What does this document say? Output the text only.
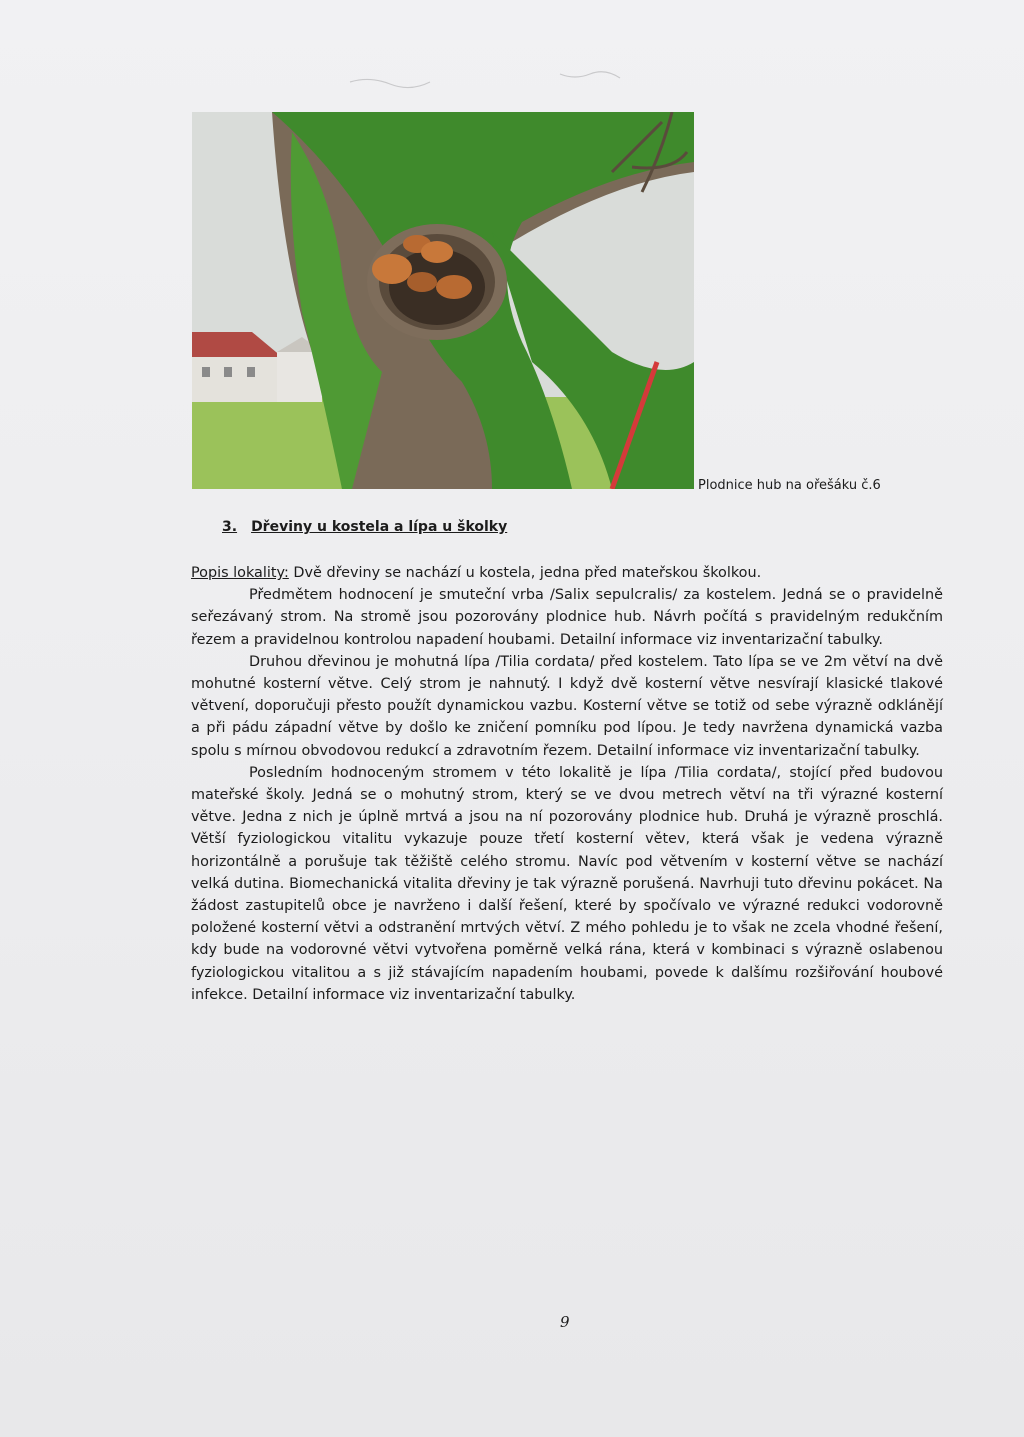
Plodnice hub na ořešáku č.6
3. Dřeviny u kostela a lípa u školky

Popis lokality: Dvě dřeviny se nachází u kostela, jedna před mateřskou školkou.

Předmětem hodnocení je smuteční vrba /Salix sepulcralis/ za kostelem. Jedná se o pravidelně seřezávaný strom. Na stromě jsou pozorovány plodnice hub. Návrh počítá s pravidelným redukčním řezem a pravidelnou kontrolou napadení houbami. Detailní informace viz inventarizační tabulky.

Druhou dřevinou je mohutná lípa /Tilia cordata/ před kostelem. Tato lípa se ve 2m větví na dvě mohutné kosterní větve. Celý strom je nahnutý. I když dvě kosterní větve nesvírají klasické tlakové větvení, doporučuji přesto použít dynamickou vazbu. Kosterní větve se totiž od sebe výrazně odklánějí a při pádu západní větve by došlo ke zničení pomníku pod lípou. Je tedy navržena dynamická vazba spolu s mírnou obvodovou redukcí a zdravotním řezem. Detailní informace viz inventarizační tabulky.

Posledním hodnoceným stromem v této lokalitě je lípa /Tilia cordata/, stojící před budovou mateřské školy. Jedná se o mohutný strom, který se ve dvou metrech větví na tři výrazné kosterní větve. Jedna z nich je úplně mrtvá a jsou na ní pozorovány plodnice hub. Druhá je výrazně proschlá. Větší fyziologickou vitalitu vykazuje pouze třetí kosterní větev, která však je vedena výrazně horizontálně a porušuje tak těžiště celého stromu. Navíc pod větvením v kosterní větve se nachází velká dutina. Biomechanická vitalita dřeviny je tak výrazně porušená. Navrhuji tuto dřevinu pokácet. Na žádost zastupitelů obce je navrženo i další řešení, které by spočívalo ve výrazné redukci vodorovně položené kosterní větvi a odstranění mrtvých větví. Z mého pohledu je to však ne zcela vhodné řešení, kdy bude na vodorovné větvi vytvořena poměrně velká rána, která v kombinaci s výrazně oslabenou fyziologickou vitalitou a s již stávajícím napadením houbami, povede k dalšímu rozšiřování houbové infekce. Detailní informace viz inventarizační tabulky.

9
